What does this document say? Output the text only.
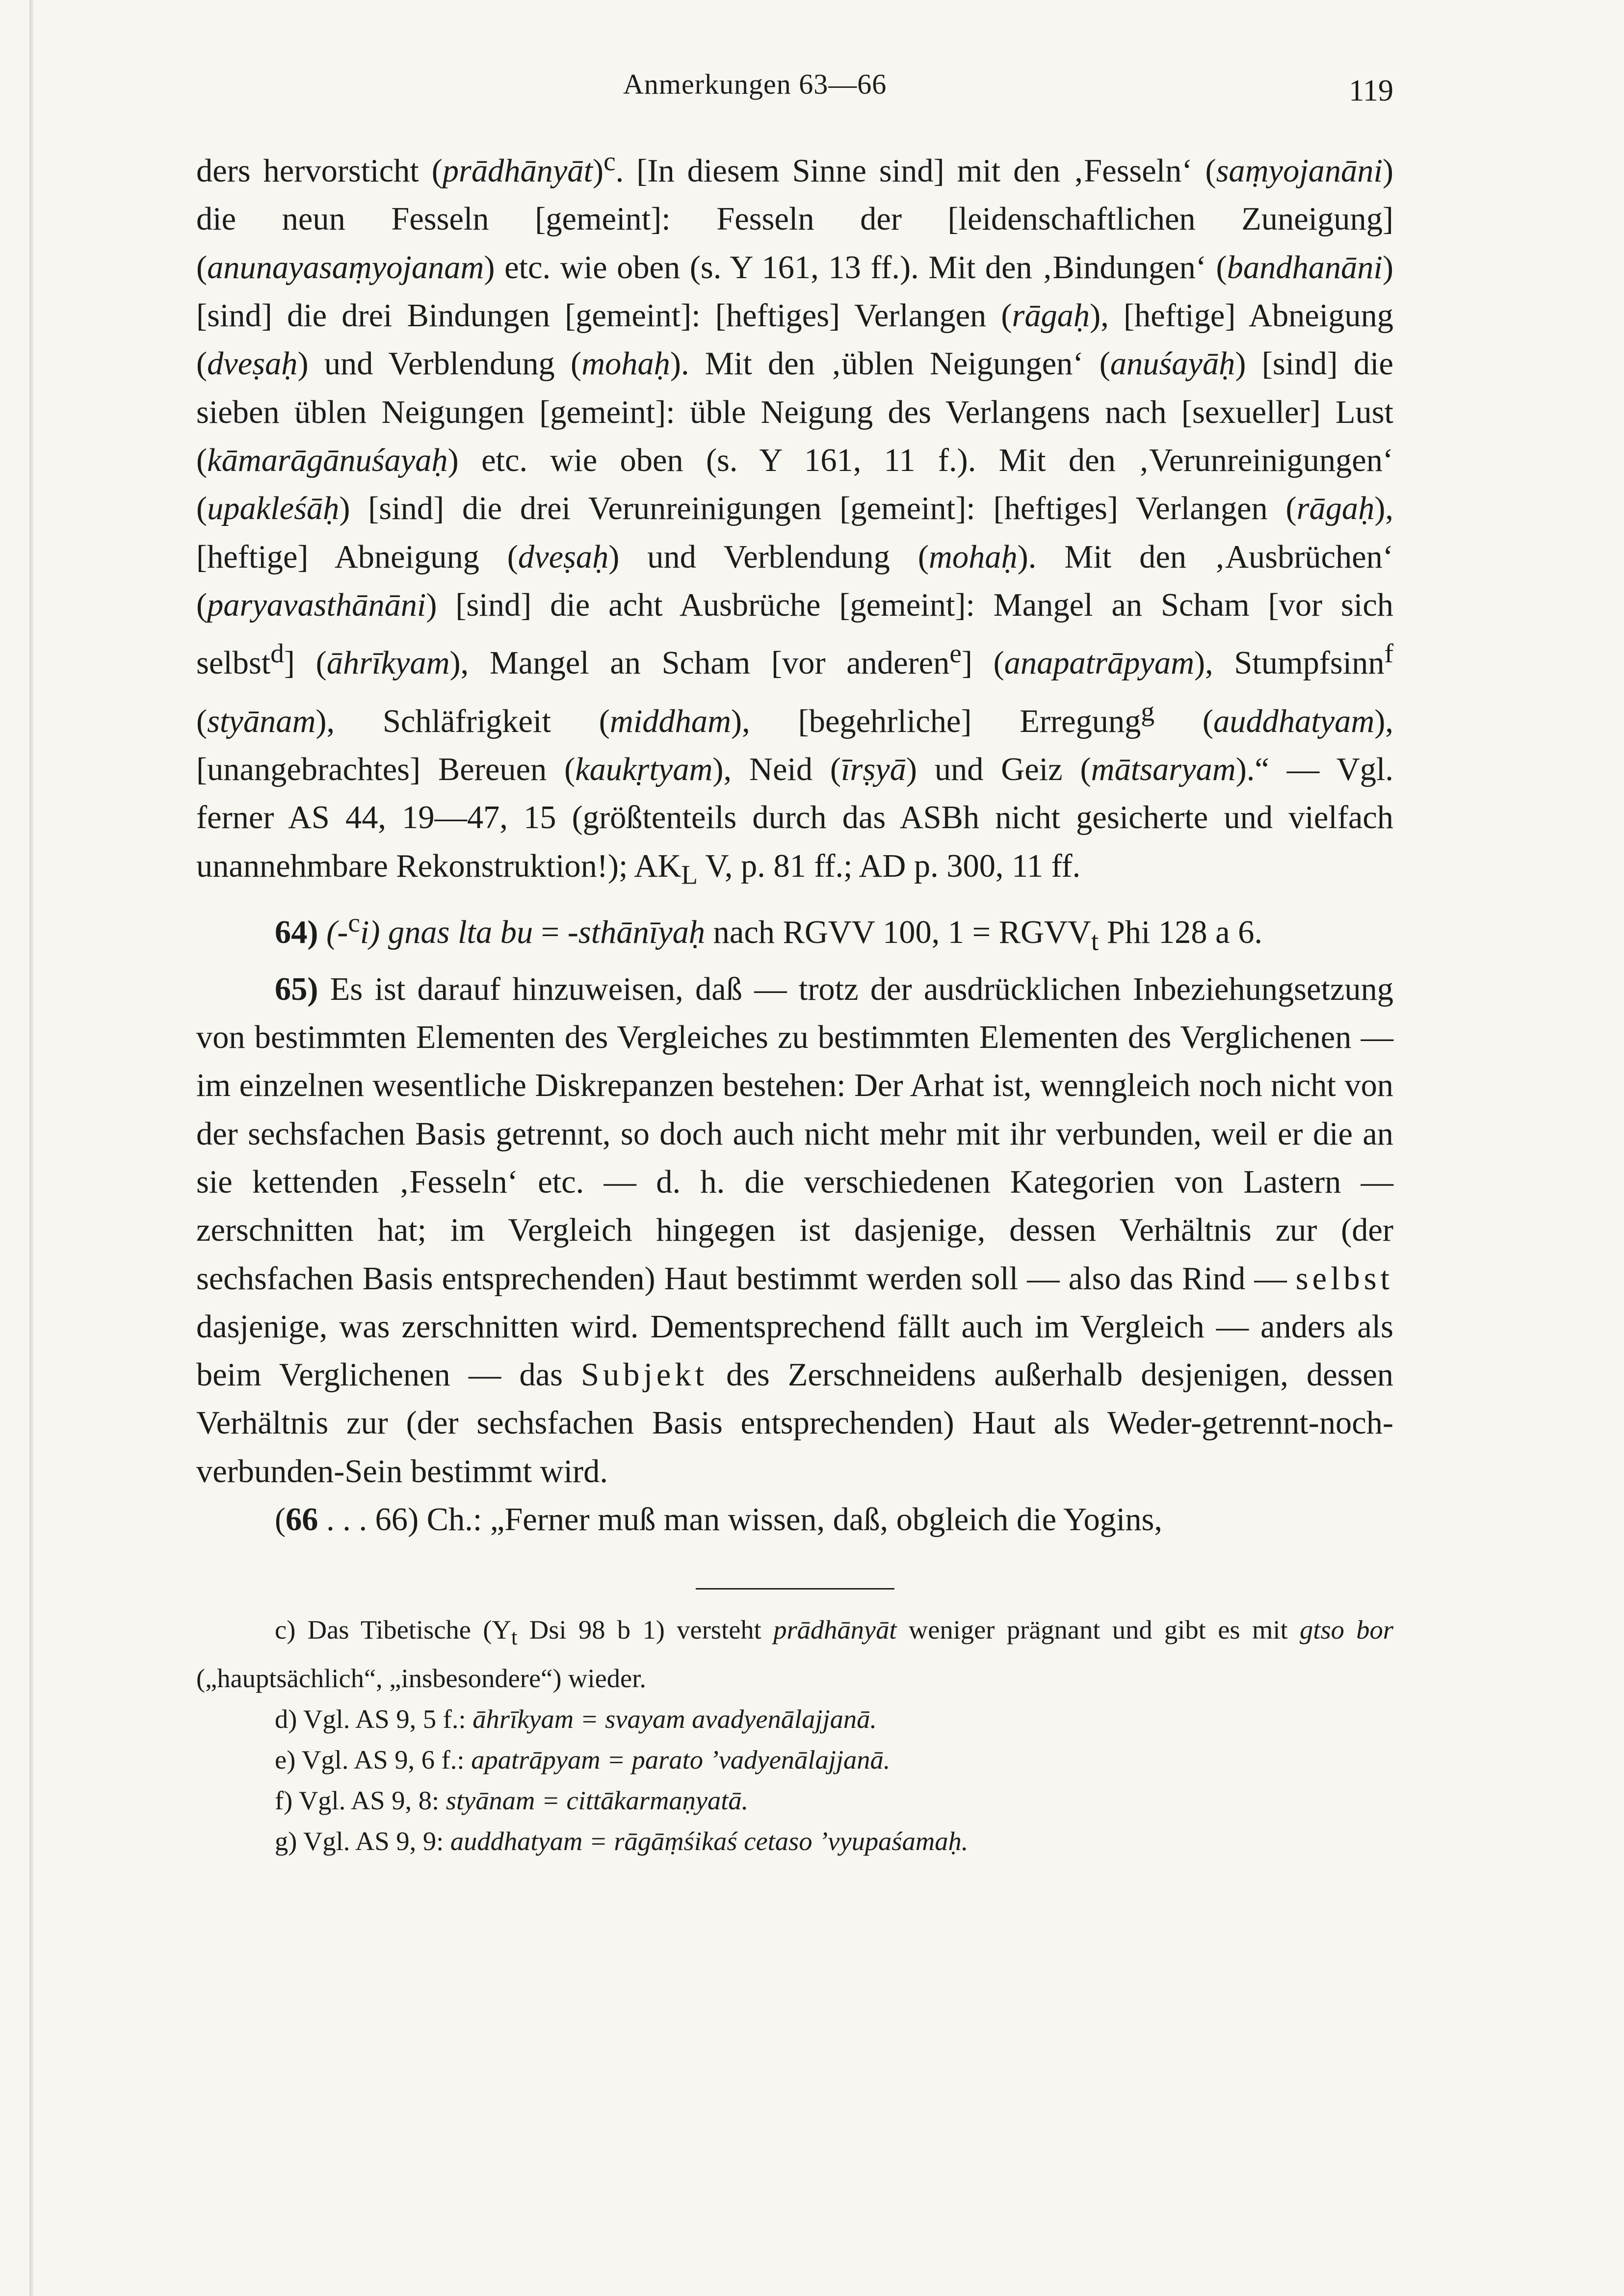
Anmerkungen 63—66	119

ders hervorsticht (prādhānyāt)$^c$. [In diesem Sinne sind] mit den ‚Fesseln‘ (saṃyojanāni) die neun Fesseln [gemeint]: Fesseln der [leidenschaftlichen Zuneigung] (anunayasaṃyojanam) etc. wie oben (s. Y 161, 13 ff.). Mit den ‚Bindungen‘ (bandhanāni) [sind] die drei Bindungen [gemeint]: [heftiges] Verlangen (rāgaḥ), [heftige] Abneigung (dveṣaḥ) und Verblendung (mohaḥ). Mit den ‚üblen Neigungen‘ (anuśayāḥ) [sind] die sieben üblen Neigungen [gemeint]: üble Neigung des Verlangens nach [sexueller] Lust (kāmarāgānuśayaḥ) etc. wie oben (s. Y 161, 11 f.). Mit den ‚Verunreinigungen‘ (upakleśāḥ) [sind] die drei Verunreinigungen [gemeint]: [heftiges] Verlangen (rāgaḥ), [heftige] Abneigung (dveṣaḥ) und Verblendung (mohaḥ). Mit den ‚Ausbrüchen‘ (paryavasthānāni) [sind] die acht Ausbrüche [gemeint]: Mangel an Scham [vor sich selbst$^d$] (āhrīkyam), Mangel an Scham [vor anderen$^e$] (anapatrāpyam), Stumpfsinn$^f$ (styānam), Schläfrigkeit (middham), [begehrliche] Erregung$^g$ (auddhatyam), [unangebrachtes] Bereuen (kaukṛtyam), Neid (īrṣyā) und Geiz (mātsaryam).“ — Vgl. ferner AS 44, 19—47, 15 (größtenteils durch das ASBh nicht gesicherte und vielfach unannehmbare Rekonstruktion!); $AK_L$ V, p. 81 ff.; AD p. 300, 11 ff.

64) (-$^c$i) gnas lta bu = -sthānīyaḥ nach RGVV 100, $1 = RGVV_t$ Phi 128 a 6.

65) Es ist darauf hinzuweisen, daß — trotz der ausdrücklichen Inbeziehungsetzung von bestimmten Elementen des Vergleiches zu bestimmten Elementen des Verglichenen — im einzelnen wesentliche Diskrepanzen bestehen: Der Arhat ist, wenngleich noch nicht von der sechsfachen Basis getrennt, so doch auch nicht mehr mit ihr verbunden, weil er die an sie kettenden ‚Fesseln‘ etc. — d. h. die verschiedenen Kategorien von Lastern — zerschnitten hat; im Vergleich hingegen ist dasjenige, dessen Verhältnis zur (der sechsfachen Basis entsprechenden) Haut bestimmt werden soll — also das Rind — selbst dasjenige, was zerschnitten wird. Dementsprechend fällt auch im Vergleich — anders als beim Verglichenen — das Subjekt des Zerschneidens außerhalb desjenigen, dessen Verhältnis zur (der sechsfachen Basis entsprechenden) Haut als Weder-getrennt-noch-verbunden-Sein bestimmt wird.

(66 . . . 66) Ch.: „Ferner muß man wissen, daß, obgleich die Yogins,

c) Das Tibetische ($Y_t$ Dsi 98 b 1) versteht prādhānyāt weniger prägnant und gibt es mit gtso bor („hauptsächlich“, „insbesondere“) wieder.

d) Vgl. AS 9, 5 f.: āhrīkyam = svayam avadyenālajjanā.

e) Vgl. AS 9, 6 f.: apatrāpyam = parato ’vadyenālajjanā.

f) Vgl. AS 9, 8: styānam = cittākarmaṇyatā.

g) Vgl. AS 9, 9: auddhatyam = rāgāṃśikaś cetaso ’vyupaśamaḥ.
